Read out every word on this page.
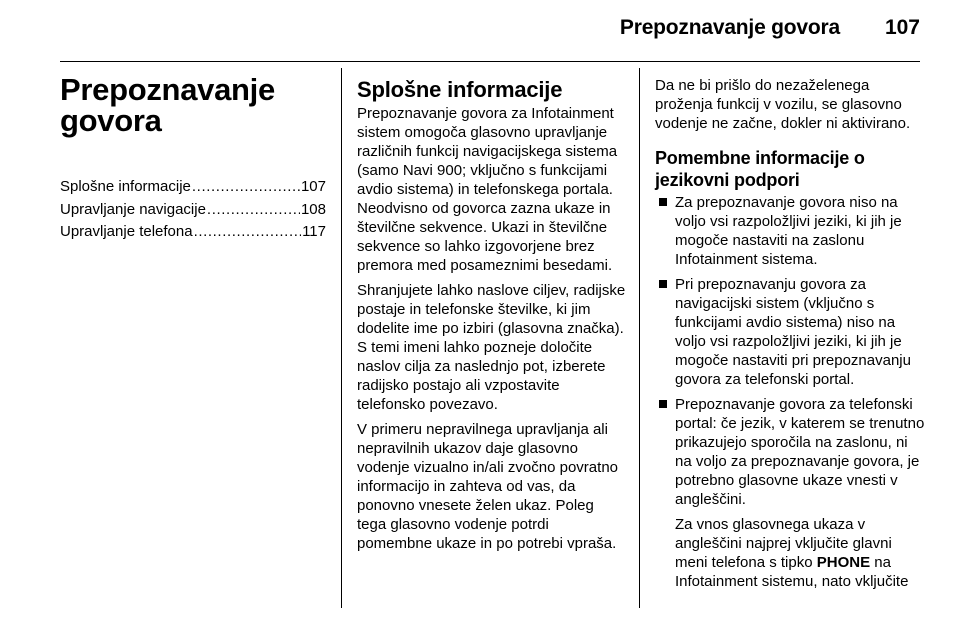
Prepoznavanje govora 107
Prepoznavanje
govora
Splošne informacije .....	107
Upravljanje navigacije .....	108
Upravljanje telefona .....	117
Splošne informacije

Prepoznavanje govora za Infotainment sistem omogoča glasovno upravljanje različnih funkcij navigacijskega sistema (samo Navi 900; vključno s funkcijami avdio sistema) in telefonskega portala. Neodvisno od govorca zazna ukaze in številčne sekvence. Ukazi in številčne sekvence so lahko izgovorjene brez premora med posameznimi besedami.

Shranjujete lahko naslove ciljev, radijske postaje in telefonske številke, ki jim dodelite ime po izbiri (glasovna značka). S temi imeni lahko pozneje določite naslov cilja za naslednjo pot, izberete radijsko postajo ali vzpostavite telefonsko povezavo.

V primeru nepravilnega upravljanja ali nepravilnih ukazov daje glasovno vodenje vizualno in/ali zvočno povratno informacijo in zahteva od vas, da ponovno vnesete želen ukaz. Poleg tega glasovno vodenje potrdi pomembne ukaze in po potrebi vpraša.

Da ne bi prišlo do nezaželenega proženja funkcij v vozilu, se glasovno vodenje ne začne, dokler ni aktivirano.

Pomembne informacije o jezikovni podpori
Za prepoznavanje govora niso na voljo vsi razpoložljivi jeziki, ki jih je mogoče nastaviti na zaslonu Infotainment sistema.
Pri prepoznavanju govora za navigacijski sistem (vključno s funkcijami avdio sistema) niso na voljo vsi razpoložljivi jeziki, ki jih je mogoče nastaviti pri prepoznavanju govora za telefonski portal.
Prepoznavanje govora za telefonski portal: če jezik, v katerem se trenutno prikazujejo sporočila na zaslonu, ni na voljo za prepoznavanje govora, je potrebno glasovne ukaze vnesti v angleščini.

Za vnos glasovnega ukaza v angleščini najprej vključite glavni meni telefona s tipko PHONE na Infotainment sistemu, nato vključite
